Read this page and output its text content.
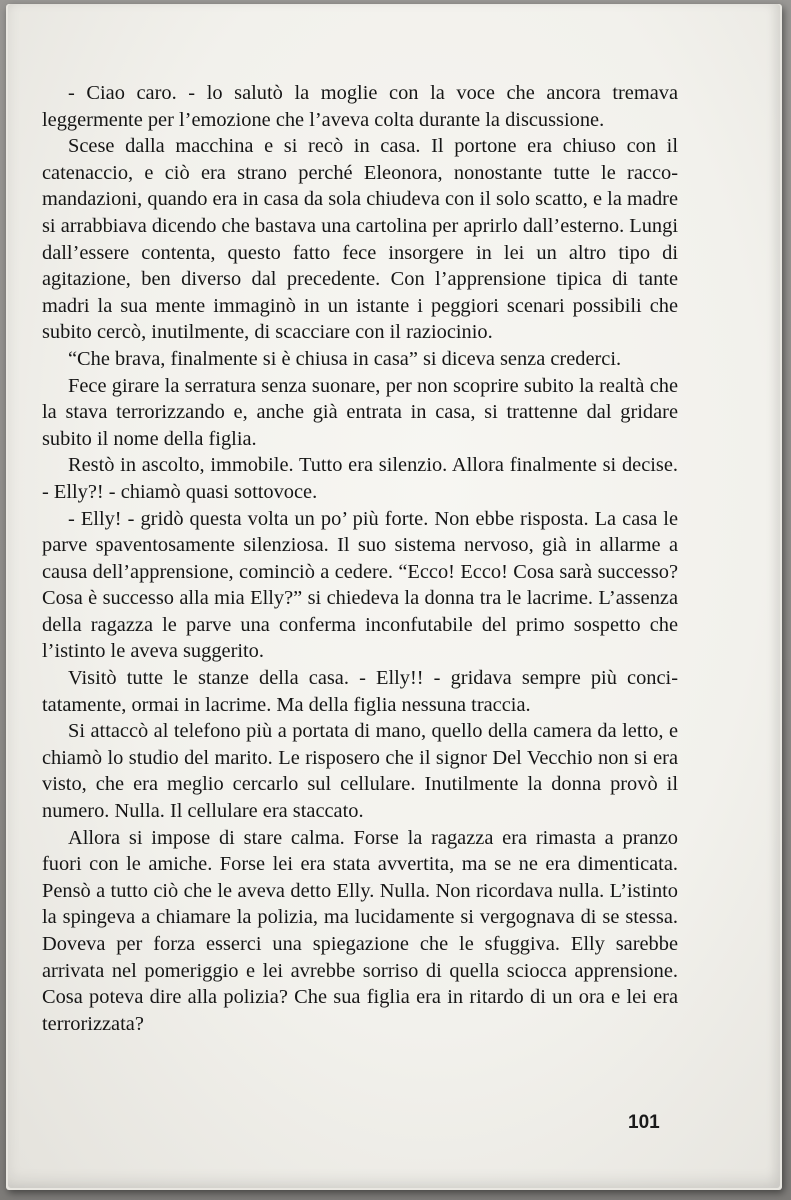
- Ciao caro. - lo salutò la moglie con la voce che ancora tremava leggermente per l’emozione che l’aveva colta durante la discussione.

Scese dalla macchina e si recò in casa. Il portone era chiuso con il catenaccio, e ciò era strano perché Eleonora, nonostante tutte le raccomandazioni, quando era in casa da sola chiudeva con il solo scatto, e la madre si arrabbiava dicendo che bastava una cartolina per aprirlo dall’esterno. Lungi dall’essere contenta, questo fatto fece insorgere in lei un altro tipo di agitazione, ben diverso dal precedente. Con l’apprensione tipica di tante madri la sua mente immaginò in un istante i peggiori scenari possibili che subito cercò, inutilmente, di scacciare con il raziocinio.

“Che brava, finalmente si è chiusa in casa” si diceva senza crederci.

Fece girare la serratura senza suonare, per non scoprire subito la realtà che la stava terrorizzando e, anche già entrata in casa, si trattenne dal gridare subito il nome della figlia.

Restò in ascolto, immobile. Tutto era silenzio. Allora finalmente si decise. - Elly?! - chiamò quasi sottovoce.

- Elly! - gridò questa volta un po’ più forte. Non ebbe risposta. La casa le parve spaventosamente silenziosa. Il suo sistema nervoso, già in allarme a causa dell’apprensione, cominciò a cedere. “Ecco! Ecco! Cosa sarà successo? Cosa è successo alla mia Elly?” si chiedeva la donna tra le lacrime. L’assenza della ragazza le parve una conferma inconfutabile del primo sospetto che l’istinto le aveva suggerito.

Visitò tutte le stanze della casa. - Elly!! - gridava sempre più concitatamente, ormai in lacrime. Ma della figlia nessuna traccia.

Si attaccò al telefono più a portata di mano, quello della camera da letto, e chiamò lo studio del marito. Le risposero che il signor Del Vecchio non si era visto, che era meglio cercarlo sul cellulare. Inutilmente la donna provò il numero. Nulla. Il cellulare era staccato.

Allora si impose di stare calma. Forse la ragazza era rimasta a pranzo fuori con le amiche. Forse lei era stata avvertita, ma se ne era dimenticata. Pensò a tutto ciò che le aveva detto Elly. Nulla. Non ricordava nulla. L’istinto la spingeva a chiamare la polizia, ma lucidamente si vergognava di se stessa. Doveva per forza esserci una spiegazione che le sfuggiva. Elly sarebbe arrivata nel pomeriggio e lei avrebbe sorriso di quella sciocca apprensione. Cosa poteva dire alla polizia? Che sua figlia era in ritardo di un ora e lei era terrorizzata?

101
